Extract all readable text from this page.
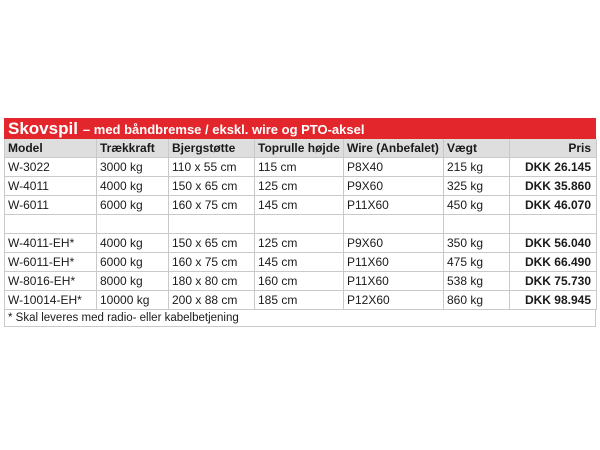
Skovspil – med båndbremse / ekskl. wire og PTO-aksel
Model	Trækkraft	Bjergstøtte	Toprulle højde	Wire (Anbefalet)	Vægt	Pris
W-3022	3000 kg	110 x 55 cm	115 cm	P8X40	215 kg	DKK 26.145
W-4011	4000 kg	150 x 65 cm	125 cm	P9X60	325 kg	DKK 35.860
W-6011	6000 kg	160 x 75 cm	145 cm	P11X60	450 kg	DKK 46.070

W-4011-EH*	4000 kg	150 x 65 cm	125 cm	P9X60	350 kg	DKK 56.040
W-6011-EH*	6000 kg	160 x 75 cm	145 cm	P11X60	475 kg	DKK 66.490
W-8016-EH*	8000 kg	180 x 80 cm	160 cm	P11X60	538 kg	DKK 75.730
W-10014-EH*	10000 kg	200 x 88 cm	185 cm	P12X60	860 kg	DKK 98.945
* Skal leveres med radio- eller kabelbetjening
